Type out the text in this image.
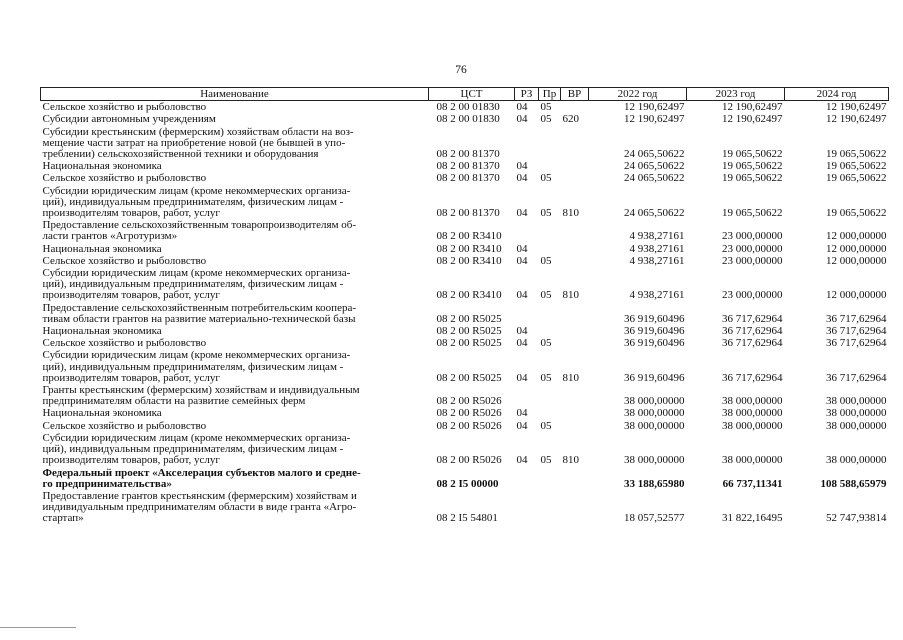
76
Наименование	ЦСТ	РЗ	Пр	ВР	2022 год	2023 год	2024 год
Сельское хозяйство и рыболовство	08 2 00 01830	04	05		12 190,62497	12 190,62497	12 190,62497
Субсидии автономным учреждениям	08 2 00 01830	04	05	620	12 190,62497	12 190,62497	12 190,62497
Субсидии крестьянским (фермерским) хозяйствам области на воз-
мещение части затрат на приобретение новой (не бывшей в упо-
треблении) сельскохозяйственной техники и оборудования	08 2 00 81370				24 065,50622	19 065,50622	19 065,50622
Национальная экономика	08 2 00 81370	04			24 065,50622	19 065,50622	19 065,50622
Сельское хозяйство и рыболовство	08 2 00 81370	04	05		24 065,50622	19 065,50622	19 065,50622
Субсидии юридическим лицам (кроме некоммерческих организа-
ций), индивидуальным предпринимателям, физическим лицам -
производителям товаров, работ, услуг	08 2 00 81370	04	05	810	24 065,50622	19 065,50622	19 065,50622
Предоставление сельскохозяйственным товаропроизводителям об-
ласти грантов «Агротуризм»	08 2 00 R3410				4 938,27161	23 000,00000	12 000,00000
Национальная экономика	08 2 00 R3410	04			4 938,27161	23 000,00000	12 000,00000
Сельское хозяйство и рыболовство	08 2 00 R3410	04	05		4 938,27161	23 000,00000	12 000,00000
Субсидии юридическим лицам (кроме некоммерческих организа-
ций), индивидуальным предпринимателям, физическим лицам -
производителям товаров, работ, услуг	08 2 00 R3410	04	05	810	4 938,27161	23 000,00000	12 000,00000
Предоставление сельскохозяйственным потребительским коопера-
тивам области грантов на развитие материально-технической базы	08 2 00 R5025				36 919,60496	36 717,62964	36 717,62964
Национальная экономика	08 2 00 R5025	04			36 919,60496	36 717,62964	36 717,62964
Сельское хозяйство и рыболовство	08 2 00 R5025	04	05		36 919,60496	36 717,62964	36 717,62964
Субсидии юридическим лицам (кроме некоммерческих организа-
ций), индивидуальным предпринимателям, физическим лицам -
производителям товаров, работ, услуг	08 2 00 R5025	04	05	810	36 919,60496	36 717,62964	36 717,62964
Гранты крестьянским (фермерским) хозяйствам и индивидуальным
предпринимателям области на развитие семейных ферм	08 2 00 R5026				38 000,00000	38 000,00000	38 000,00000
Национальная экономика	08 2 00 R5026	04			38 000,00000	38 000,00000	38 000,00000
Сельское хозяйство и рыболовство	08 2 00 R5026	04	05		38 000,00000	38 000,00000	38 000,00000
Субсидии юридическим лицам (кроме некоммерческих организа-
ций), индивидуальным предпринимателям, физическим лицам -
производителям товаров, работ, услуг	08 2 00 R5026	04	05	810	38 000,00000	38 000,00000	38 000,00000
Федеральный проект «Акселерация субъектов малого и средне-
го предпринимательства»	08 2 I5 00000				33 188,65980	66 737,11341	108 588,65979
Предоставление грантов крестьянским (фермерским) хозяйствам и
индивидуальным предпринимателям области в виде гранта «Агро-
стартап»	08 2 I5 54801				18 057,52577	31 822,16495	52 747,93814
